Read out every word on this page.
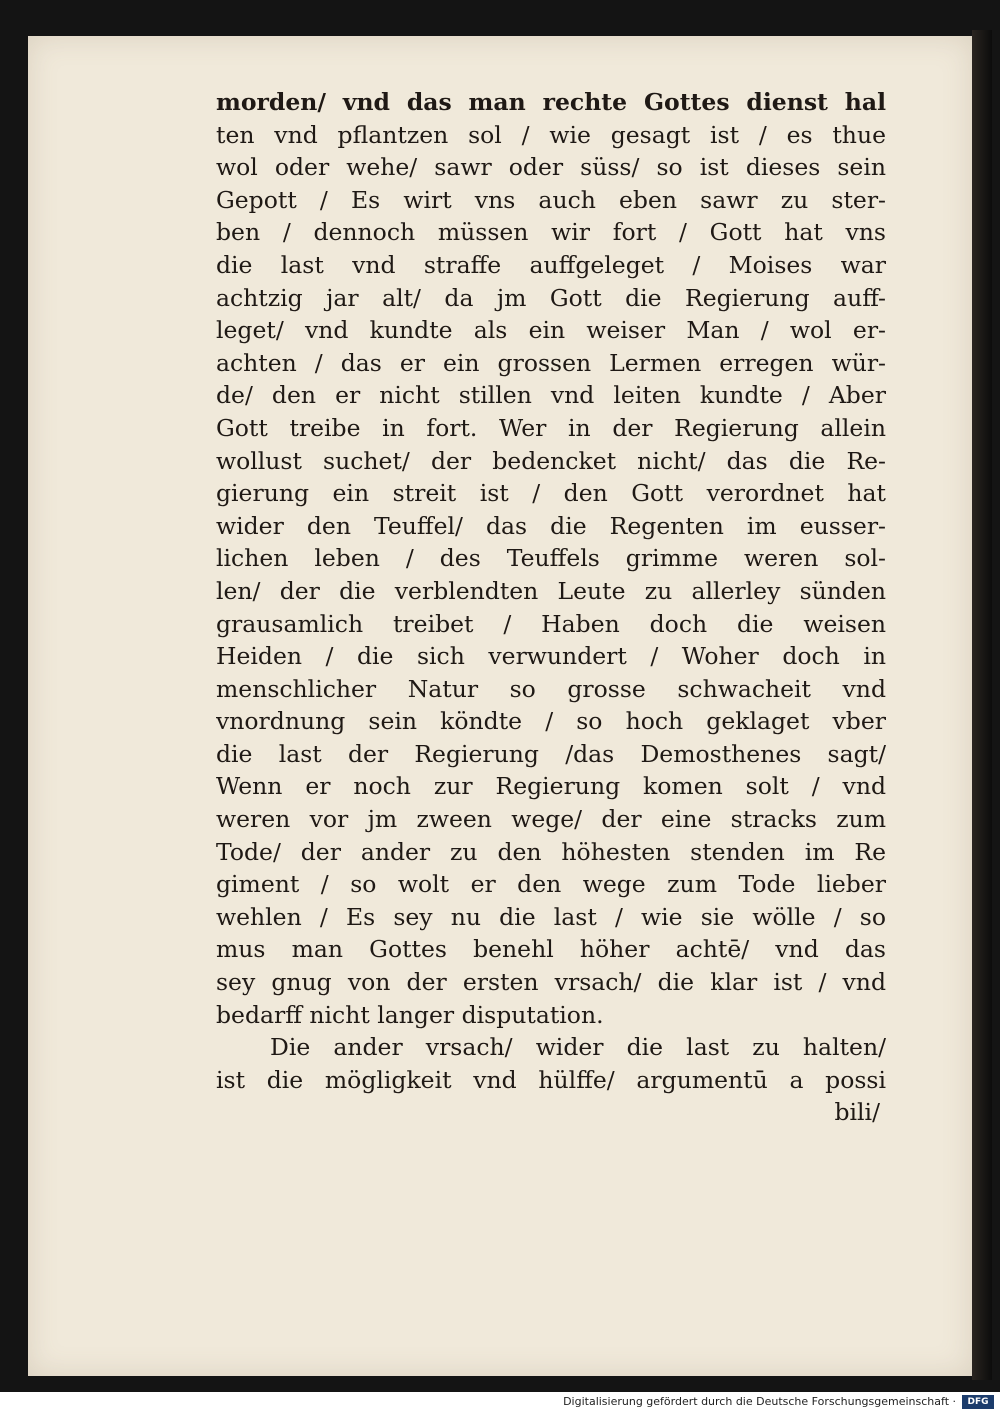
morden/ vnd das man rechte Gottes dienst hal
ten vnd pflantzen sol / wie gesagt ist / es thue
wol oder wehe/ sawr oder süss/ so ist dieses sein
Gepott / Es wirt vns auch eben sawr zu ster-
ben / dennoch müssen wir fort / Gott hat vns
die last vnd straffe auffgeleget / Moises war
achtzig jar alt/ da jm Gott die Regierung auff-
leget/ vnd kundte als ein weiser Man / wol er-
achten / das er ein grossen Lermen erregen wür-
de/ den er nicht stillen vnd leiten kundte / Aber
Gott treibe in fort. Wer in der Regierung allein
wollust suchet/ der bedencket nicht/ das die Re-
gierung ein streit ist / den Gott verordnet hat
wider den Teuffel/ das die Regenten im eusser-
lichen leben / des Teuffels grimme weren sol-
len/ der die verblendten Leute zu allerley sünden
grausamlich treibet / Haben doch die weisen
Heiden / die sich verwundert / Woher doch in
menschlicher Natur so grosse schwacheit vnd
vnordnung sein köndte / so hoch geklaget vber
die last der Regierung /das Demosthenes sagt/
Wenn er noch zur Regierung komen solt / vnd
weren vor jm zween wege/ der eine stracks zum
Tode/ der ander zu den höhesten stenden im Re
giment / so wolt er den wege zum Tode lieber
wehlen / Es sey nu die last / wie sie wölle / so
mus man Gottes benehl höher achtē/ vnd das
sey gnug von der ersten vrsach/ die klar ist / vnd
bedarff nicht langer disputation.
Die ander vrsach/ wider die last zu halten/
ist die mögligkeit vnd hülffe/ argumentū a possi
bili/
Digitalisierung gefördert durch die Deutsche Forschungsgemeinschaft ·	DFG
